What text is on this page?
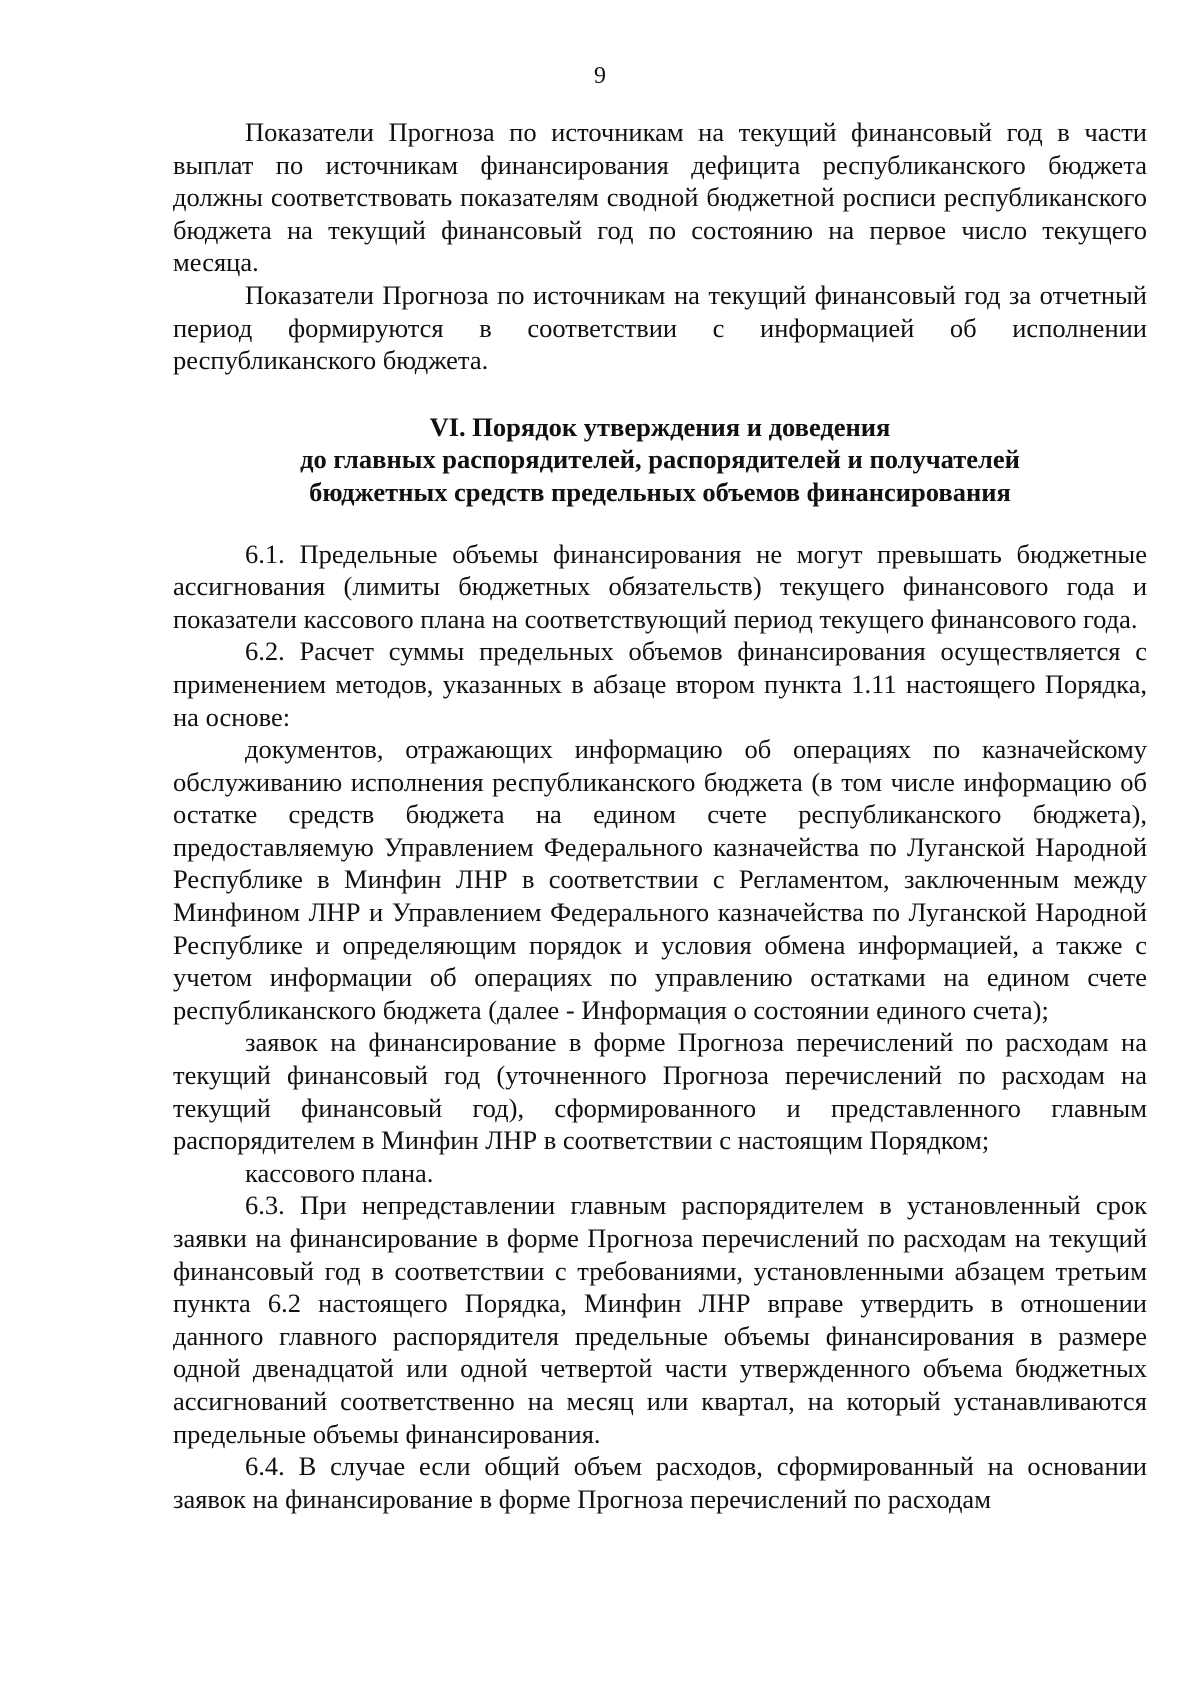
9

Показатели Прогноза по источникам на текущий финансовый год в части выплат по источникам финансирования дефицита республиканского бюджета должны соответствовать показателям сводной бюджетной росписи республиканского бюджета на текущий финансовый год по состоянию на первое число текущего месяца.

Показатели Прогноза по источникам на текущий финансовый год за отчетный период формируются в соответствии с информацией об исполнении республиканского бюджета.

VI. Порядок утверждения и доведения
до главных распорядителей, распорядителей и получателей
бюджетных средств предельных объемов финансирования

6.1. Предельные объемы финансирования не могут превышать бюджетные ассигнования (лимиты бюджетных обязательств) текущего финансового года и показатели кассового плана на соответствующий период текущего финансового года.

6.2. Расчет суммы предельных объемов финансирования осуществляется с применением методов, указанных в абзаце втором пункта 1.11 настоящего Порядка, на основе:

документов, отражающих информацию об операциях по казначейскому обслуживанию исполнения республиканского бюджета (в том числе информацию об остатке средств бюджета на едином счете республиканского бюджета), предоставляемую Управлением Федерального казначейства по Луганской Народной Республике в Минфин ЛНР в соответствии с Регламентом, заключенным между Минфином ЛНР и Управлением Федерального казначейства по Луганской Народной Республике и определяющим порядок и условия обмена информацией, а также с учетом информации об операциях по управлению остатками на едином счете республиканского бюджета (далее - Информация о состоянии единого счета);

заявок на финансирование в форме Прогноза перечислений по расходам на текущий финансовый год (уточненного Прогноза перечислений по расходам на текущий финансовый год), сформированного и представленного главным распорядителем в Минфин ЛНР в соответствии с настоящим Порядком;

кассового плана.

6.3. При непредставлении главным распорядителем в установленный срок заявки на финансирование в форме Прогноза перечислений по расходам на текущий финансовый год в соответствии с требованиями, установленными абзацем третьим пункта 6.2 настоящего Порядка, Минфин ЛНР вправе утвердить в отношении данного главного распорядителя предельные объемы финансирования в размере одной двенадцатой или одной четвертой части утвержденного объема бюджетных ассигнований соответственно на месяц или квартал, на который устанавливаются предельные объемы финансирования.

6.4. В случае если общий объем расходов, сформированный на основании заявок на финансирование в форме Прогноза перечислений по расходам
